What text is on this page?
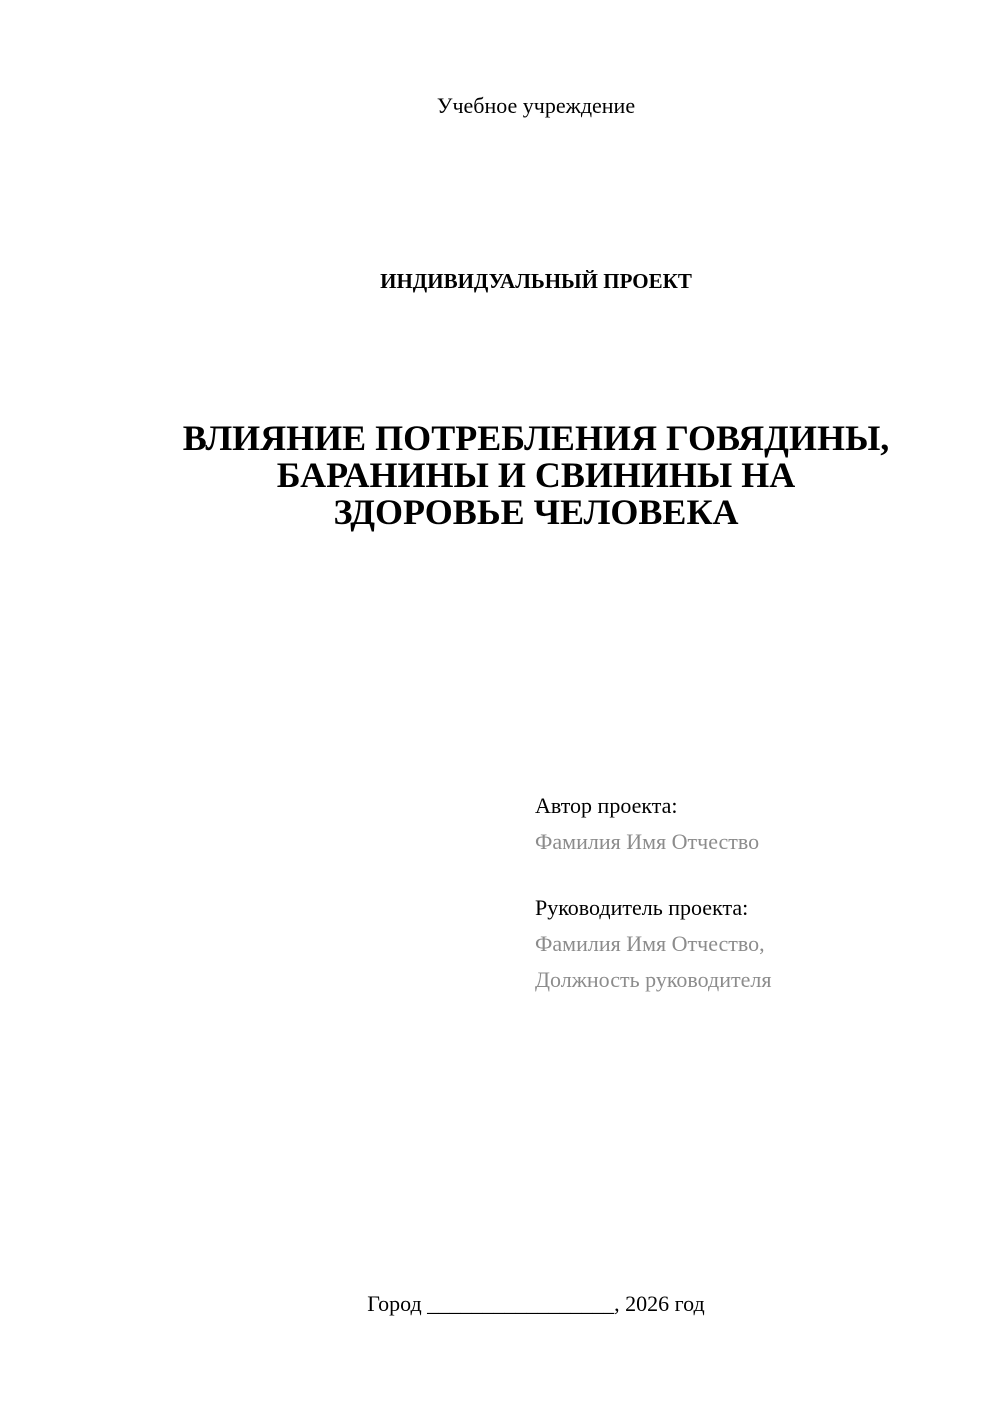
Учебное учреждение
ИНДИВИДУАЛЬНЫЙ ПРОЕКТ
ВЛИЯНИЕ ПОТРЕБЛЕНИЯ ГОВЯДИНЫ,
БАРАНИНЫ И СВИНИНЫ НА
ЗДОРОВЬЕ ЧЕЛОВЕКА
Автор проекта:
Фамилия Имя Отчество
Руководитель проекта:
Фамилия Имя Отчество,
Должность руководителя
Город _________________, 2026 год
